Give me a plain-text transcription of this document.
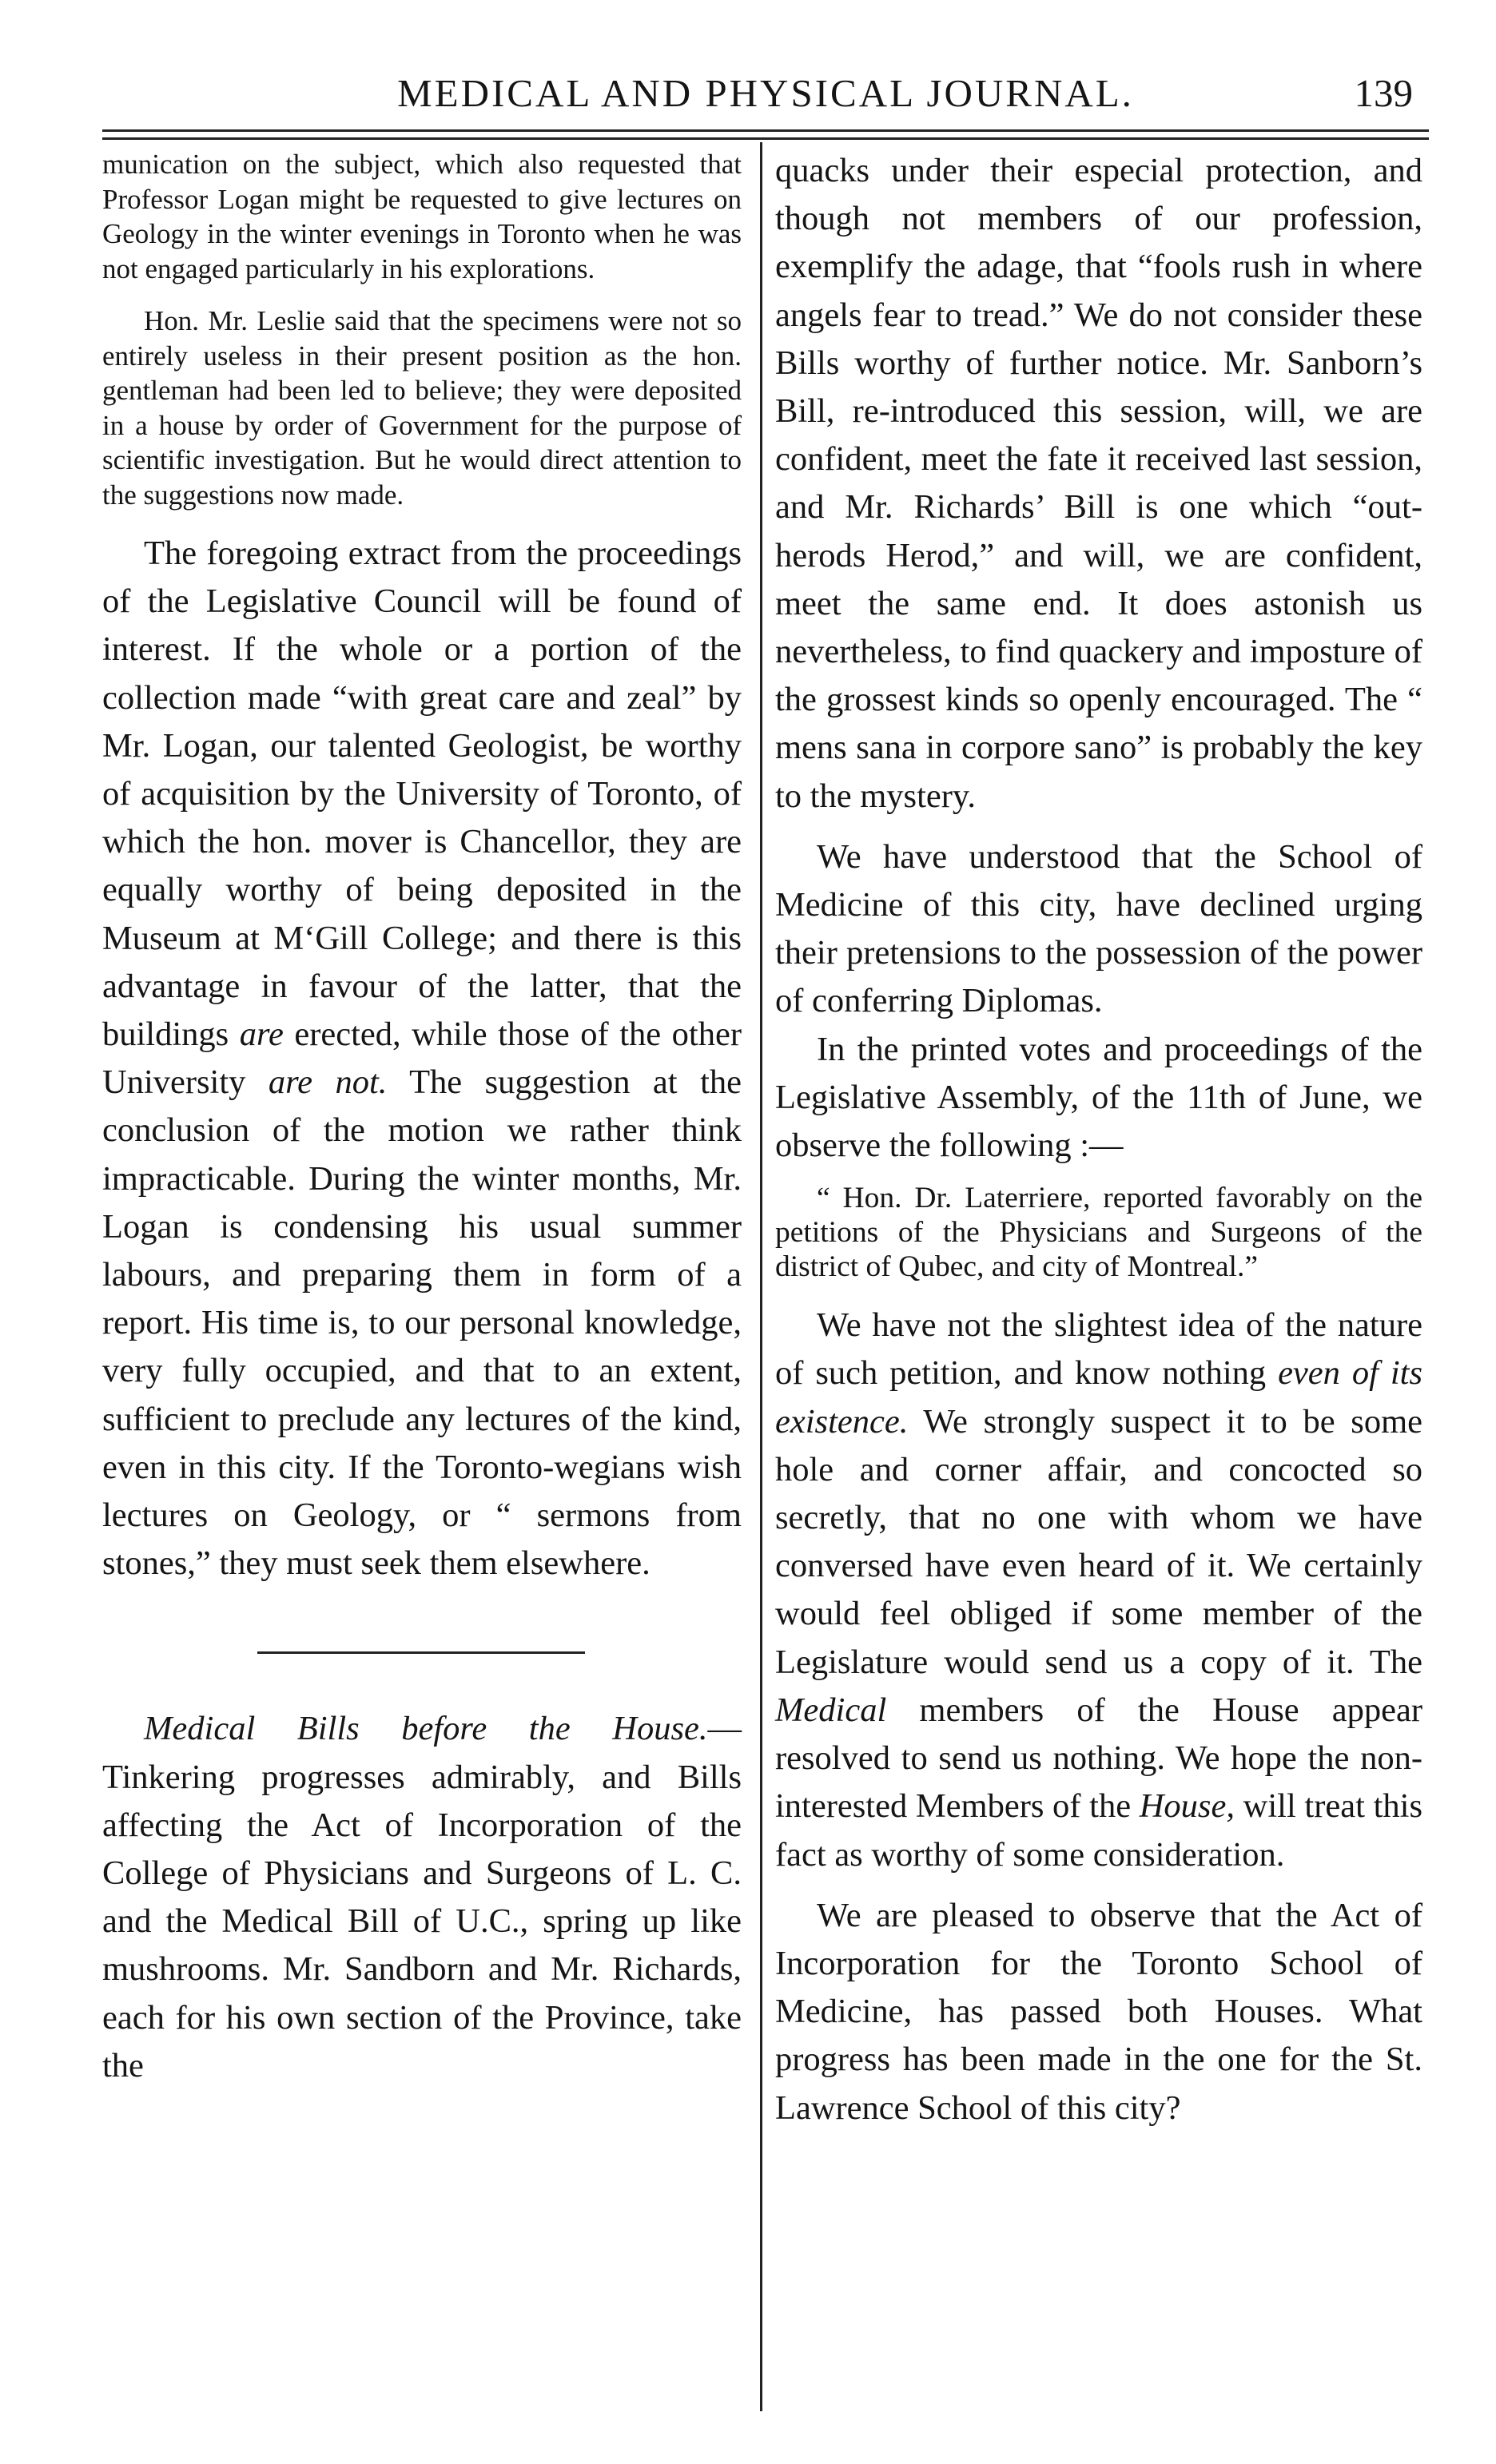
MEDICAL AND PHYSICAL JOURNAL.	139

munication on the subject, which also requested that Professor Logan might be requested to give lectures on Geology in the winter evenings in Toronto when he was not engaged particularly in his explorations.

Hon. Mr. Leslie said that the specimens were not so entirely useless in their present position as the hon. gentleman had been led to believe; they were deposited in a house by order of Government for the purpose of scientific investigation. But he would direct attention to the suggestions now made.

The foregoing extract from the proceedings of the Legislative Council will be found of interest. If the whole or a portion of the collection made “with great care and zeal” by Mr. Logan, our talented Geologist, be worthy of acquisition by the University of Toronto, of which the hon. mover is Chancellor, they are equally worthy of being deposited in the Museum at M‘Gill College; and there is this advantage in favour of the latter, that the buildings are erected, while those of the other University are not. The suggestion at the conclusion of the motion we rather think impracticable. During the winter months, Mr. Logan is condensing his usual summer labours, and preparing them in form of a report. His time is, to our personal knowledge, very fully occupied, and that to an extent, sufficient to preclude any lectures of the kind, even in this city. If the Toronto-wegians wish lectures on Geology, or “ sermons from stones,” they must seek them elsewhere.

Medical Bills before the House.— Tinkering progresses admirably, and Bills affecting the Act of Incorporation of the College of Physicians and Surgeons of L. C. and the Medical Bill of U.C., spring up like mushrooms. Mr. Sandborn and Mr. Richards, each for his own section of the Province, take the

quacks under their especial protection, and though not members of our profession, exemplify the adage, that “fools rush in where angels fear to tread.” We do not consider these Bills worthy of further notice. Mr. Sanborn’s Bill, re-introduced this session, will, we are confident, meet the fate it received last session, and Mr. Richards’ Bill is one which “out-herods Herod,” and will, we are confident, meet the same end. It does astonish us nevertheless, to find quackery and imposture of the grossest kinds so openly encouraged. The “ mens sana in corpore sano” is probably the key to the mystery.

We have understood that the School of Medicine of this city, have declined urging their pretensions to the possession of the power of conferring Diplomas.

In the printed votes and proceedings of the Legislative Assembly, of the 11th of June, we observe the following :—

“ Hon. Dr. Laterriere, reported favorably on the petitions of the Physicians and Surgeons of the district of Qubec, and city of Montreal.”

We have not the slightest idea of the nature of such petition, and know nothing even of its existence. We strongly suspect it to be some hole and corner affair, and concocted so secretly, that no one with whom we have conversed have even heard of it. We certainly would feel obliged if some member of the Legislature would send us a copy of it. The Medical members of the House appear resolved to send us nothing. We hope the non-interested Members of the House, will treat this fact as worthy of some consideration.

We are pleased to observe that the Act of Incorporation for the Toronto School of Medicine, has passed both Houses. What progress has been made in the one for the St. Lawrence School of this city?
